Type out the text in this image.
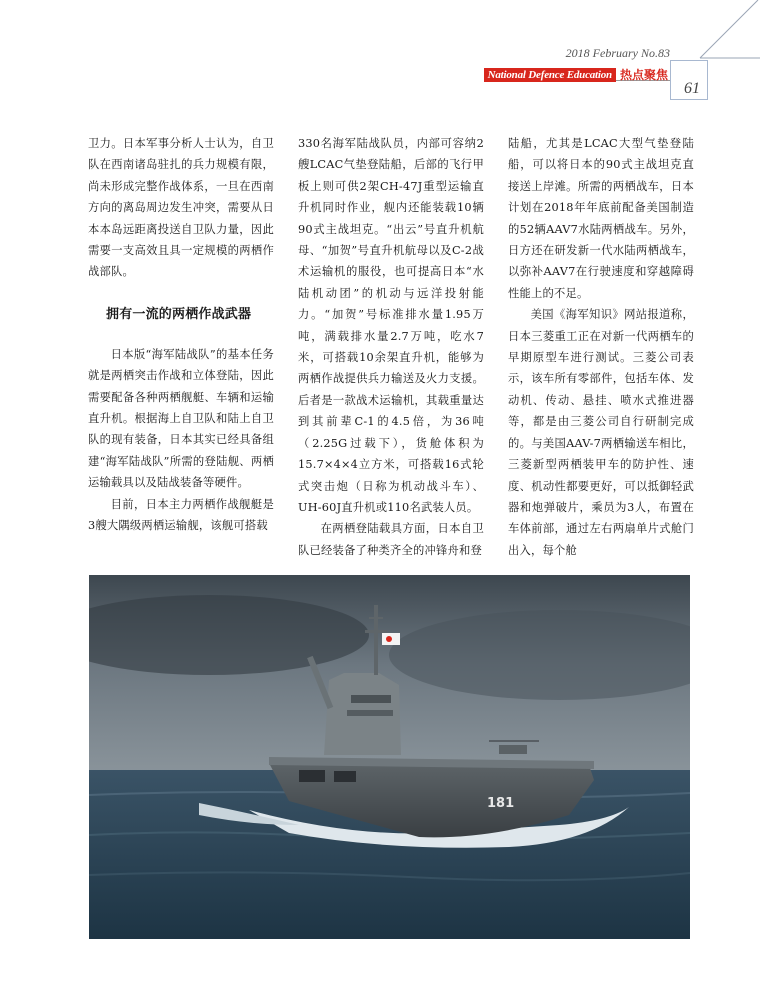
2018 February No.83
National Defence Education 热点聚焦
61

卫力。日本军事分析人士认为，自卫队在西南诸岛驻扎的兵力规模有限，尚未形成完整作战体系，一旦在西南方向的离岛周边发生冲突，需要从日本本岛远距离投送自卫队力量，因此需要一支高效且具一定规模的两栖作战部队。

拥有一流的两栖作战武器

日本版“海军陆战队”的基本任务就是两栖突击作战和立体登陆，因此需要配备各种两栖舰艇、车辆和运输直升机。根据海上自卫队和陆上自卫队的现有装备，日本其实已经具备组建“海军陆战队”所需的登陆舰、两栖运输载具以及陆战装备等硬件。

目前，日本主力两栖作战舰艇是3艘大隅级两栖运输舰，该舰可搭载

330名海军陆战队员，内部可容纳2艘LCAC气垫登陆船，后部的飞行甲板上则可供2架CH-47J重型运输直升机同时作业，舰内还能装载10辆90式主战坦克。“出云”号直升机航母、“加贺”号直升机航母以及C-2战术运输机的服役，也可提高日本“水陆机动团”的机动与远洋投射能力。“加贺”号标准排水量1.95万吨，满载排水量2.7万吨，吃水7米，可搭载10余架直升机，能够为两栖作战提供兵力输送及火力支援。后者是一款战术运输机，其载重量达到其前辈C-1的4.5倍，为36吨（2.25G过载下），货舱体积为15.7×4×4立方米，可搭载16式轮式突击炮（日称为机动战斗车）、UH-60J直升机或110名武装人员。

在两栖登陆载具方面，日本自卫队已经装备了种类齐全的冲锋舟和登

陆船，尤其是LCAC大型气垫登陆船，可以将日本的90式主战坦克直接送上岸滩。所需的两栖战车，日本计划在2018年年底前配备美国制造的52辆AAV7水陆两栖战车。另外，日方还在研发新一代水陆两栖战车，以弥补AAV7在行驶速度和穿越障碍性能上的不足。

美国《海军知识》网站报道称，日本三菱重工正在对新一代两栖车的早期原型车进行测试。三菱公司表示，该车所有零部件，包括车体、发动机、传动、悬挂、喷水式推进器等，都是由三菱公司自行研制完成的。与美国AAV-7两栖输送车相比，三菱新型两栖装甲车的防护性、速度、机动性都要更好，可以抵御轻武器和炮弹破片，乘员为3人，布置在车体前部，通过左右两扇单片式舱门出入，每个舱

181
